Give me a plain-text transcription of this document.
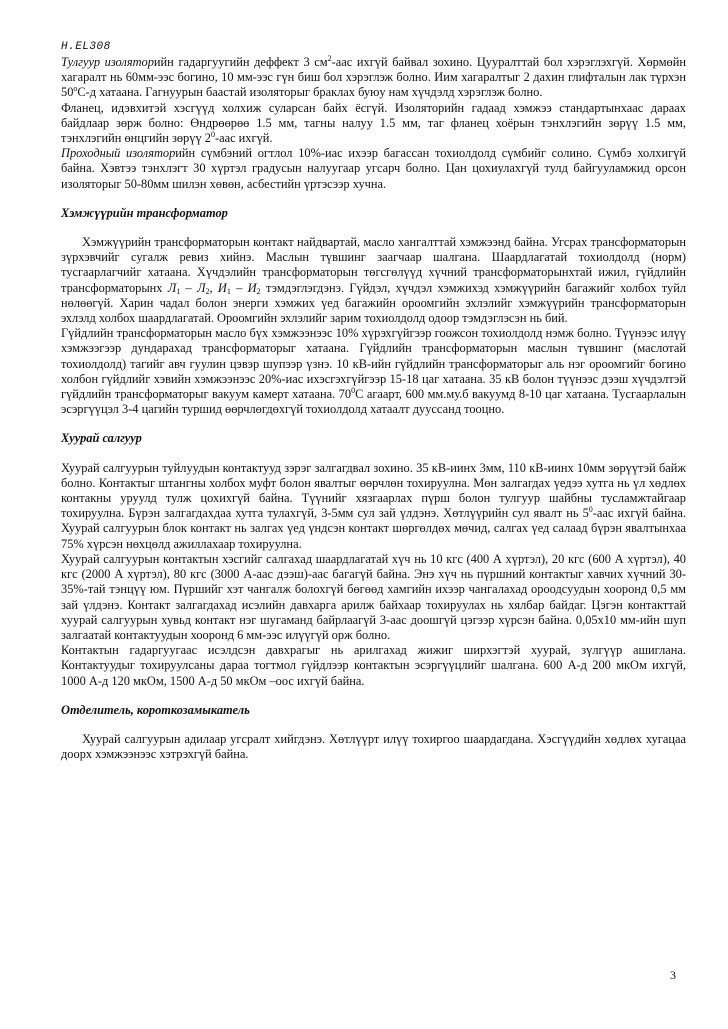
H.EL308

Тулгуур изоляторийн гадаргуугийн деффект 3 $см^2$-аас ихгүй байвал зохино. Цууралттай бол хэрэглэхгүй. Хөрмөйн хагаралт нь 60мм-ээс богино, 10 мм-ээс гүн биш бол хэрэглэж болно. Иим хагаралтыг 2 дахин глифталын лак түрхэн 50$^o$С-д хатаана. Гагнуурын баастай изоляторыг браклах буюу нам хүчдэлд хэрэглэж болно.

Фланец, идэвхитэй хэсгүүд холхиж суларсан байх ёсгүй. Изоляторийн гадаад хэмжээ стандартынхаас дараах байдлаар зөрж болно: Өндрөөрөө 1.5 мм, тагны налуу 1.5 мм, таг фланец хоёрын тэнхлэгийн зөрүү 1.5 мм, тэнхлэгийн өнцгийн зөрүү $2^0$-аас ихгүй.

Проходный изоляторийн сүмбэний огтлол 10%-иас ихээр багассан тохиолдолд сүмбийг солино. Сүмбэ холхигүй байна. Хэвтээ тэнхлэгт 30 хүртэл градусын налуугаар угсарч болно. Цан цохиулахгүй тулд байгууламжид орсон изоляторыг 50-80мм шилэн хөвөн, асбестийн үртэсээр хучна.

Хэмжүүрийн трансформатор

Хэмжүүрийн трансформаторын контакт найдвартай, масло хангалттай хэмжээнд байна. Угсрах трансформаторын зүрхэвчийг сугалж ревиз хийнэ. Маслын түвшинг заагчаар шалгана. Шаардлагатай тохиолдолд (норм) тусгаарлагчийг хатаана. Хүчдэлийн трансформаторын төгсгөлүүд хүчний трансформаторынхтай ижил, гүйдлийн трансформаторынх $Л_1 - Л_2$, $И_1 - И_2$ тэмдэглэгдэнэ. Гүйдэл, хүчдэл хэмжихэд хэмжүүрийн багажийг холбох туйл нөлөөгүй. Харин чадал болон энерги хэмжих үед багажийн ороомгийн эхлэлийг хэмжүүрийн трансформаторын эхлэлд холбох шаардлагатай. Ороомгийн эхлэлийг зарим тохиолдолд одоор тэмдэглэсэн нь бий.

Гүйдлийн трансформаторын масло бүх хэмжээнээс 10% хүрэхгүйгээр гоожсон тохиолдолд нэмж болно. Түүнээс илүү хэмжээгээр дундарахад трансформаторыг хатаана. Гүйдлийн трансформаторын маслын түвшинг (маслотай тохиолдолд) тагийг авч гуулин цэвэр шупээр үзнэ. 10 кВ-ийн гүйдлийн трансформаторыг аль нэг ороомгийг богино холбон гүйдлийг хэвийн хэмжээнээс 20%-иас ихэсгэхгүйгээр 15-18 цаг хатаана. 35 кВ болон түүнээс дээш хүчдэлтэй гүйдлийн трансформаторыг вакуум камерт хатаана. $70^0С$ агаарт, 600 мм.му.б вакуумд 8-10 цаг хатаана. Тусгаарлалын эсэргүүцэл 3-4 цагийн туршид өөрчлөгдөхгүй тохиолдолд хатаалт дууссанд тооцно.

Хуурай салгуур

Хуурай салгуурын туйлуудын контактууд зэрэг залгагдвал зохино. 35 кВ-иинх 3мм, 110 кВ-иинх 10мм зөрүүтэй байж болно. Контактыг штангны холбох муфт болон явалтыг өөрчлөн тохируулна. Мөн залгагдах үедээ хутга нь үл хөдлөх контакны уруулд тулж цохихгүй байна. Түүнийг хязгаарлах пүрш болон тулгуур шайбны тусламжтайгаар тохируулна. Бүрэн залгагдахдаа хутга тулахгүй, 3-5мм сул зай үлдэнэ. Хөтлүүрийн сул явалт нь $5^0$-аас ихгүй байна. Хуурай салгуурын блок контакт нь залгах үед үндсэн контакт шөргөлдөх мөчид, салгах үед салаад бүрэн явалтынхаа 75% хүрсэн нөхцөлд ажиллахаар тохируулна.

Хуурай салгуурын контактын хэсгийг салгахад шаардлагатай хүч нь 10 кгс (400 А хүртэл), 20 кгс (600 А хүртэл), 40 кгс (2000 А хүртэл), 80 кгс (3000 А-аас дээш)-аас багагүй байна. Энэ хүч нь пүршний контактыг хавчих хүчний 30-35%-тай тэнцүү юм. Пүршийг хэт чангалж болохгүй бөгөөд хамгийн ихээр чангалахад ороодсуудын хооронд 0,5 мм зай үлдэнэ. Контакт залгагдахад исэлийн давхарга арилж байхаар тохируулах нь хялбар байдаг. Цэгэн контакттай хуурай салгуурын хувьд контакт нэг шугаманд байрлаагүй 3-аас доошгүй цэгээр хүрсэн байна. 0,05х10 мм-ийн шуп залгаатай контактуудын хооронд 6 мм-ээс илүүгүй орж болно.

Контактын гадаргуугаас исэлдсэн давхрагыг нь арилгахад жижиг ширхэгтэй хуурай, зүлгүүр ашиглана. Контактуудыг тохируулсаны дараа тогтмол гүйдлээр контактын эсэргүүцлийг шалгана. 600 А-д 200 мкОм ихгүй, 1000 А-д 120 мкОм, 1500 А-д 50 мкОм –оос ихгүй байна.

Отделитель, короткозамыкатель

Хуурай салгуурын адилаар угсралт хийгдэнэ. Хөтлүүрт илүү тохиргоо шаардагдана. Хэсгүүдийн хөдлөх хугацаа доорх хэмжээнээс хэтрэхгүй байна.

3
